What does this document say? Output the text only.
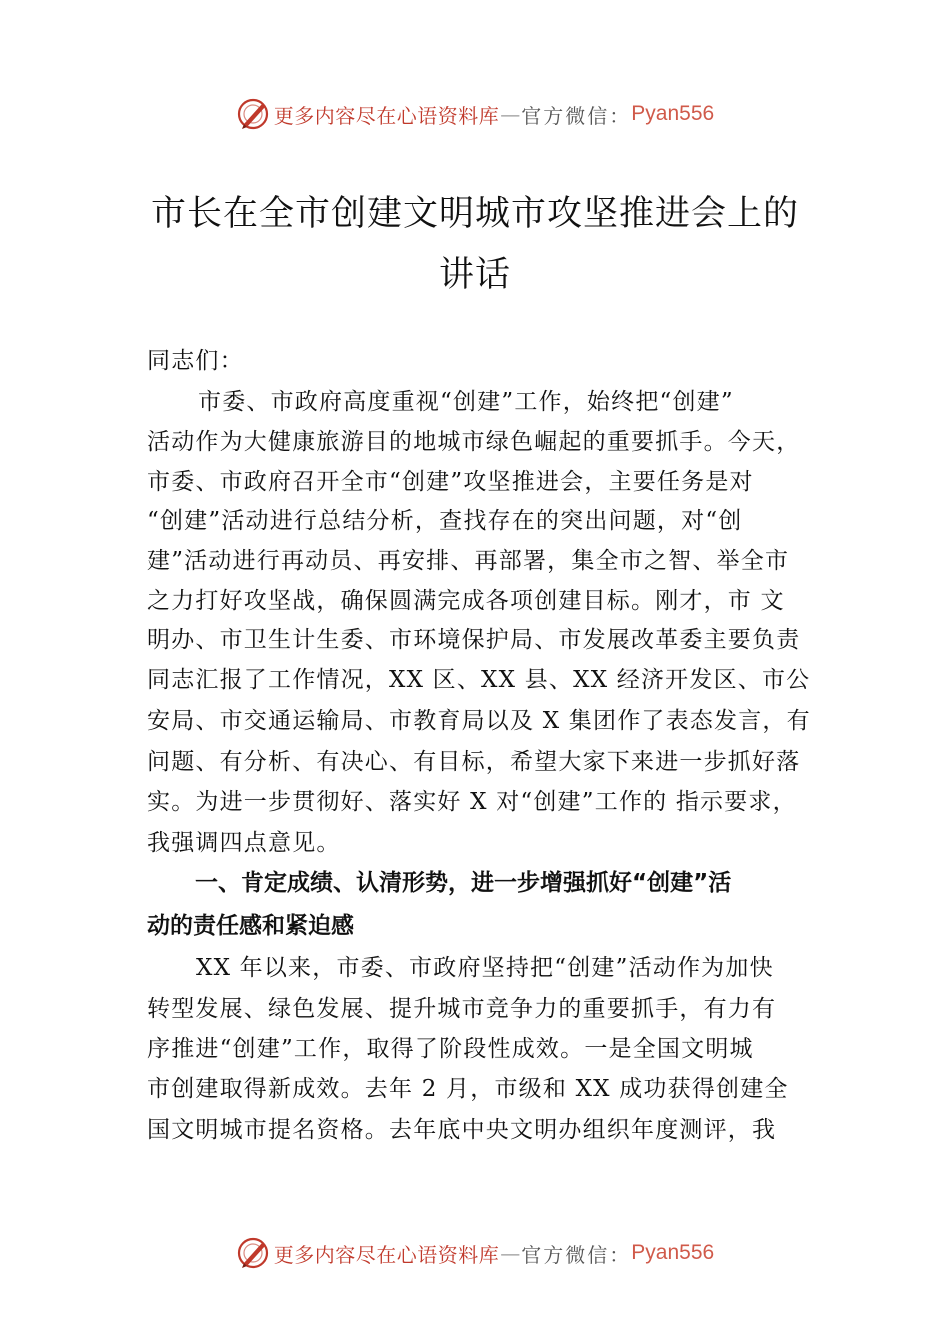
更多内容尽在心语资料库 — 官方微信： Pyan556
市长在全市创建文明城市攻坚推进会上的
讲话
同志们：
市委、市政府高度重视“创建”工作，始终把“创建”
活动作为大健康旅游目的地城市绿色崛起的重要抓手。今天，
市委、市政府召开全市“创建”攻坚推进会，主要任务是对
“创建”活动进行总结分析，查找存在的突出问题，对“创
建”活动进行再动员、再安排、再部署，集全市之智、举全市
之力打好攻坚战，确保圆满完成各项创建目标。刚才，市 文
明办、市卫生计生委、市环境保护局、市发展改革委主要负责
同志汇报了工作情况，XX 区、XX 县、XX 经济开发区、市公
安局、市交通运输局、市教育局以及 X 集团作了表态发言，有
问题、有分析、有决心、有目标，希望大家下来进一步抓好落
实。为进一步贯彻好、落实好 X 对“创建”工作的 指示要求，
我强调四点意见。
一、肯定成绩、认清形势，进一步增强抓好“创建”活
动的责任感和紧迫感
XX 年以来，市委、市政府坚持把“创建”活动作为加快
转型发展、绿色发展、提升城市竞争力的重要抓手，有力有
序推进“创建”工作，取得了阶段性成效。一是全国文明城
市创建取得新成效。去年 2 月，市级和 XX 成功获得创建全
国文明城市提名资格。去年底中央文明办组织年度测评，我
更多内容尽在心语资料库 — 官方微信： Pyan556
